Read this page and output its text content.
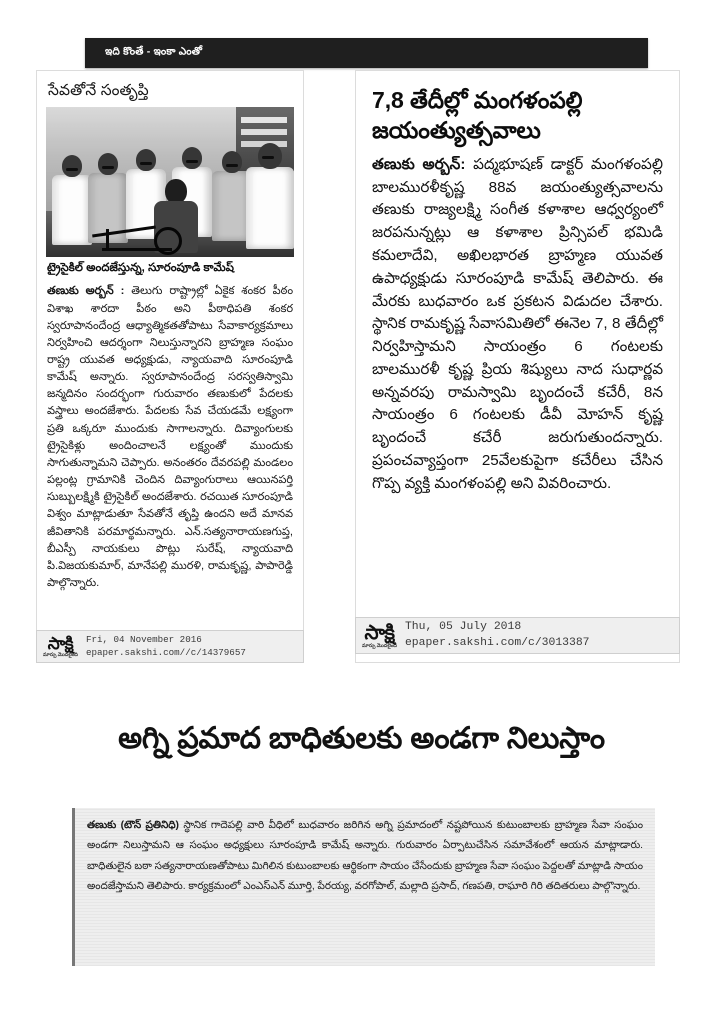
ఇది కొంతే - ఇంకా ఎంతో
సేవతోనే సంతృప్తి
ట్రైసైకిల్ అందజేస్తున్న, సూరంపూడి కామేష్
తణుకు అర్బన్ : తెలుగు రాష్ట్రాల్లో ఏకైక శంకర పీఠం విశాఖ శారదా పీఠం అని పీఠాధిపతి శంకర స్వరూపానందేంద్ర ఆధ్యాత్మికతతోపాటు సేవాకార్యక్రమాలు నిర్వహించి ఆదర్శంగా నిలుస్తున్నారని బ్రాహ్మణ సంఘం రాష్ట్ర యువత అధ్యక్షుడు, న్యాయవాది సూరంపూడి కామేష్ అన్నారు. స్వరూపానందేంద్ర సరస్వతిస్వామి జన్మదినం సందర్భంగా గురువారం తణుకులో పేదలకు వస్త్రాలు అందజేశారు. పేదలకు సేవ చేయడమే లక్ష్యంగా ప్రతి ఒక్కరూ ముందుకు సాగాలన్నారు. దివ్యాంగులకు ట్రైసైకిళ్లు అందించాలనే లక్ష్యంతో ముందుకు సాగుతున్నామని చెప్పారు. అనంతరం దేవరపల్లి మండలం పల్లంట్ల గ్రామానికి చెందిన దివ్యాంగురాలు ఆయినపర్తి సుబ్బులక్ష్మికి ట్రైసైకిల్ అందజేశారు. రచయిత సూరంపూడి విశ్వం మాట్లాడుతూ సేవతోనే తృప్తి ఉందని అదే మానవ జీవితానికి పరమార్థమన్నారు. ఎన్.సత్యనారాయణగుప్త, బీఎస్పీ నాయకులు పొట్లు సురేష్, న్యాయవాది పి.విజయకుమార్, మానేపల్లి మురళి, రామకృష్ణ, పాపారెడ్డి పాల్గొన్నారు.
సాక్షి
మార్పు మొదలైంది
Fri, 04 November 2016
epaper.sakshi.com//c/14379657
7,8 తేదీల్లో మంగళంపల్లి
జయంత్యుత్సవాలు
తణుకు అర్బన్: పద్మభూషణ్ డాక్టర్ మంగళంపల్లి బాలమురళీకృష్ణ 88వ జయంత్యుత్సవాలను తణుకు రాజ్యలక్ష్మి సంగీత కళాశాల ఆధ్వర్యంలో జరపనున్నట్లు ఆ కళాశాల ప్రిన్సిపల్ భమిడి కమలాదేవి, అఖిలభారత బ్రాహ్మణ యువత ఉపాధ్యక్షుడు సూరంపూడి కామేష్ తెలిపారు. ఈ మేరకు బుధవారం ఒక ప్రకటన విడుదల చేశారు. స్థానిక రామకృష్ణ సేవాసమితిలో ఈనెల 7, 8 తేదీల్లో నిర్వహిస్తామని సాయంత్రం 6 గంటలకు బాలమురళీ కృష్ణ ప్రియ శిష్యులు నాద సుధార్ణవ అన్నవరపు రామస్వామి బృందంచే కచేరీ, 8న సాయంత్రం 6 గంటలకు డీవీ మోహన్ కృష్ణ బృందంచే కచేరీ జరుగుతుందన్నారు. ప్రపంచవ్యాప్తంగా 25వేలకుపైగా కచేరీలు చేసిన గొప్ప వ్యక్తి మంగళంపల్లి అని వివరించారు.
సాక్షి
మార్పు మొదలైంది
Thu, 05 July 2018
epaper.sakshi.com/c/3013387
అగ్ని ప్రమాద బాధితులకు అండగా నిలుస్తాం
తణుకు (టౌన్‌ ప్రతినిధి) స్థానిక గాదెపల్లి వారి వీధిలో బుధవారం జరిగిన అగ్ని ప్రమాదంలో నష్టపోయిన కుటుంబాలకు బ్రాహ్మణ సేవా సంఘం అండగా నిలుస్తామని ఆ సంఘం అధ్యక్షులు సూరంపూడి కామేష్ అన్నారు. గురువారం ఏర్పాటుచేసిన సమావేశంలో ఆయన మాట్లాడారు. బాధితులైన బఠా సత్యనారాయణతోపాటు మిగిలిన కుటుంబాలకు ఆర్థికంగా సాయం చేసేందుకు బ్రాహ్మణ సేవా సంఘం పెద్దలతో మాట్లాడి సాయం అందజేస్తామని తెలిపారు. కార్యక్రమంలో ఎంఎస్‌ఎన్ మూర్తి, పేరయ్య, వరగోపాల్, మల్లాది ప్రసాద్, గణపతి, రాఘారి గిరి తదితరులు పాల్గొన్నారు.
